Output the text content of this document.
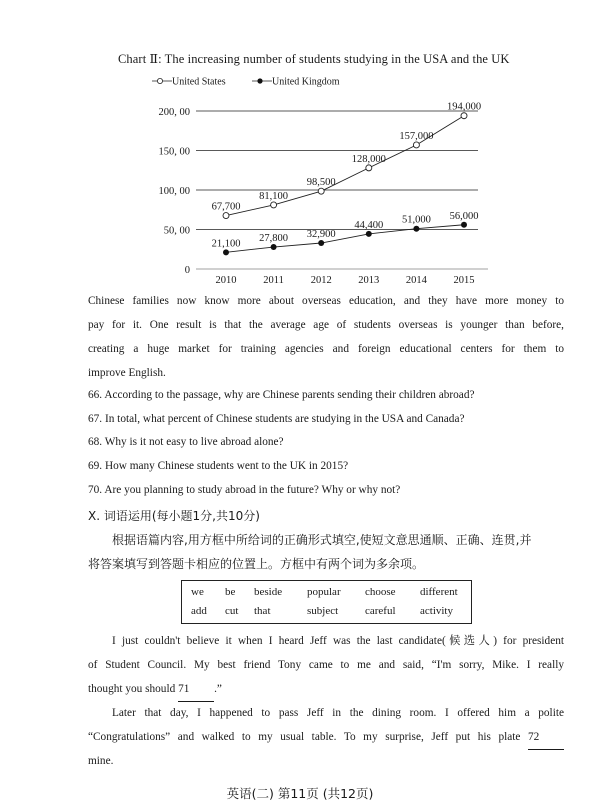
Chart Ⅱ: The increasing number of students studying in the USA and the UK
United States	United Kingdom
0
50, 00
100, 00
150, 00
200, 00
2010	2011	2012	2013	2014	2015
67,700
81,100
98,500
128,000
157,000
194,000
21,100 27,800 32,900
44,400 51,000 56,000
Chinese families now know more about overseas education, and they have more money to
pay for it. One result is that the average age of students overseas is younger than before,
creating a huge market for training agencies and foreign educational centers for them to
improve English.
66. According to the passage, why are Chinese parents sending their children abroad?
67. In total, what percent of Chinese students are studying in the USA and Canada?
68. Why is it not easy to live abroad alone?
69. How many Chinese students went to the UK in 2015?
70. Are you planning to study abroad in the future? Why or why not?
X. 词语运用(每小题1分,共10分)
根据语篇内容,用方框中所给词的正确形式填空,使短文意思通顺、正确、连贯,并
将答案填写到答题卡相应的位置上。方框中有两个词为多余项。
we be beside popular choose different
add cut that	subject careful activity
I just couldn't believe it when I heard Jeff was the last candidate(候选人) for president
of Student Council. My best friend Tony came to me and said, “I'm sorry, Mike. I really
thought you should 71 .”
Later that day, I happened to pass Jeff in the dining room. I offered him a polite
“Congratulations” and walked to my usual table. To my surprise, Jeff put his plate 72
mine.
英语(二) 第11页 (共12页)
